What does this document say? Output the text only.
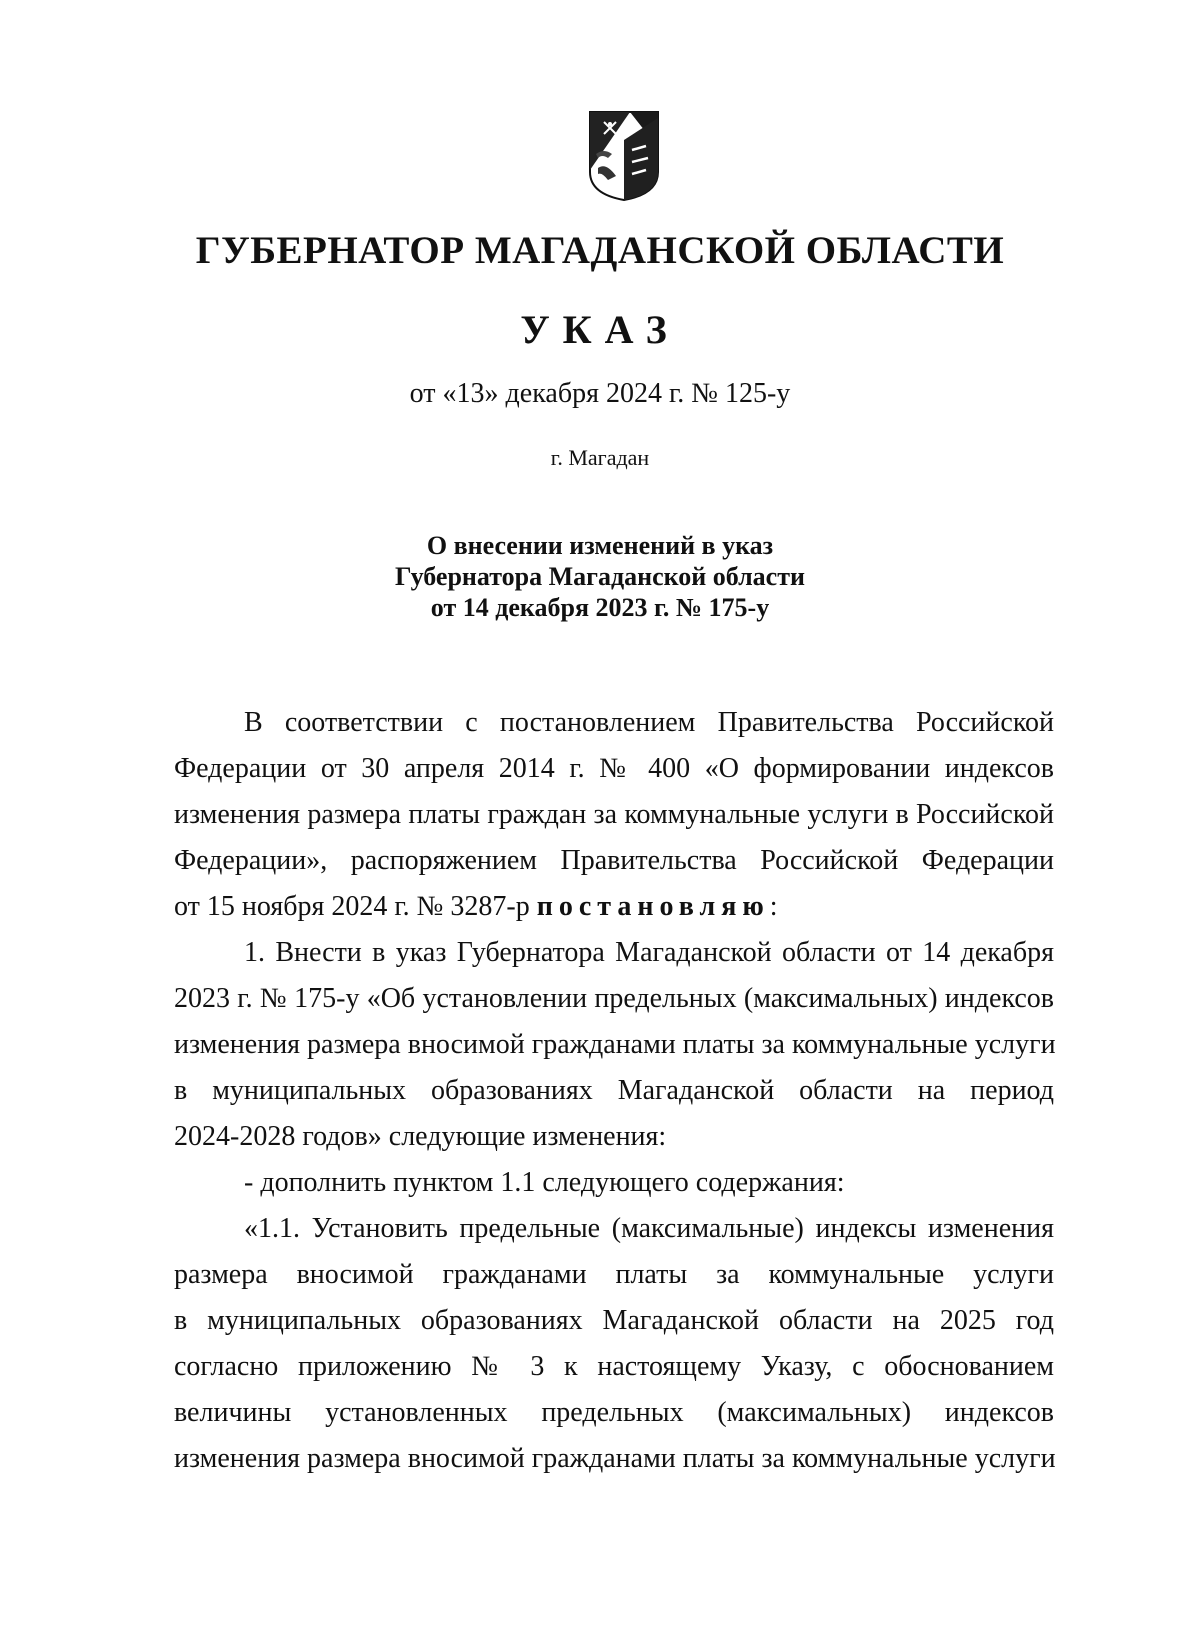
ГУБЕРНАТОР МАГАДАНСКОЙ ОБЛАСТИ
УКАЗ
от «13» декабря 2024 г. № 125-у
г. Магадан
О внесении изменений в указ
Губернатора Магаданской области
от 14 декабря 2023 г. № 175-у
В соответствии с постановлением Правительства Российской
Федерации от 30 апреля 2014 г. № 400 «О формировании индексов
изменения размера платы граждан за коммунальные услуги в Российской
Федерации», распоряжением Правительства Российской Федерации
от 15 ноября 2024 г. № 3287-р постановляю:
1. Внести в указ Губернатора Магаданской области от 14 декабря
2023 г. № 175-у «Об установлении предельных (максимальных) индексов
изменения размера вносимой гражданами платы за коммунальные услуги
в муниципальных образованиях Магаданской области на период
2024-2028 годов» следующие изменения:
- дополнить пунктом 1.1 следующего содержания:
«1.1. Установить предельные (максимальные) индексы изменения
размера вносимой гражданами платы за коммунальные услуги
в муниципальных образованиях Магаданской области на 2025 год
согласно приложению № 3 к настоящему Указу, с обоснованием
величины установленных предельных (максимальных) индексов
изменения размера вносимой гражданами платы за коммунальные услуги
